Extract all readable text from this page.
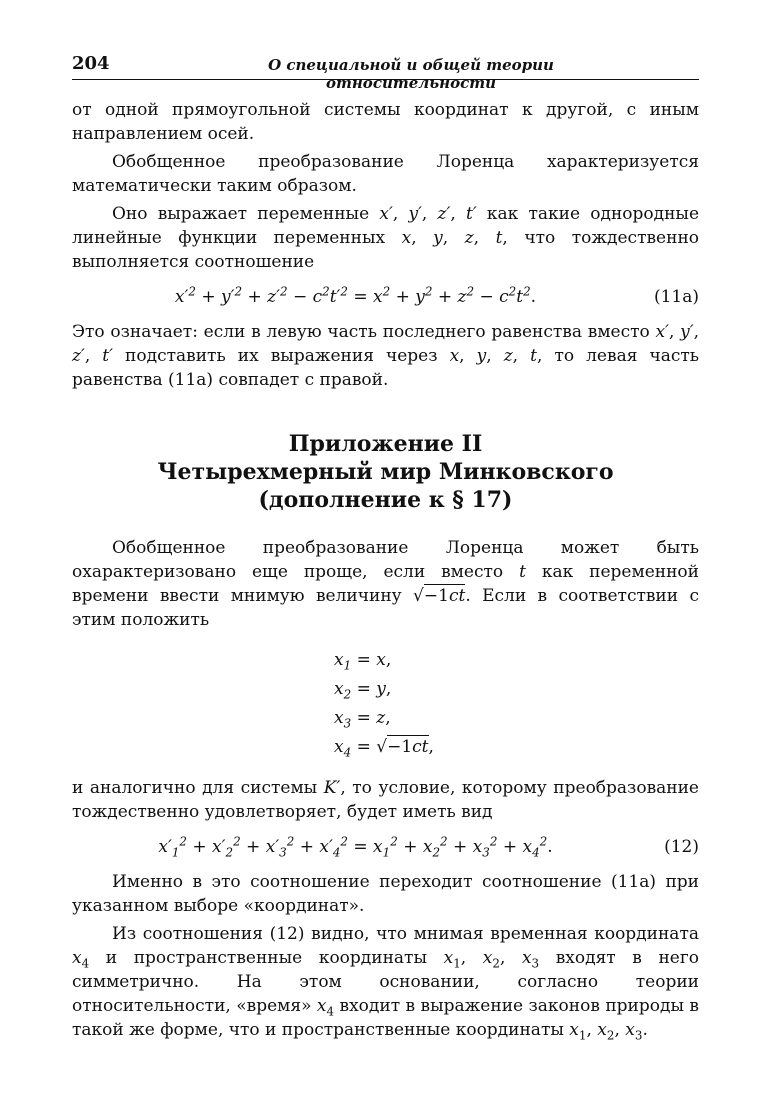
204	О специальной и общей теории относительности

от одной прямоугольной системы координат к другой, с иным направлением осей.

Обобщенное преобразование Лоренца характеризуется математически таким образом.

Оно выражает переменные x′, y′, z′, t′ как такие однородные линейные функции переменных x, y, z, t, что тождественно выполняется соотношение

$x'^2 + y'^2 + z'^2 - c^2t'^2 = x^2 + y^2 + z^2 - c^2t^2$.	(11a)

Это означает: если в левую часть последнего равенства вместо x′, y′, z′, t′ подставить их выражения через x, y, z, t, то левая часть равенства (11a) совпадет с правой.

Приложение II
Четырехмерный мир Минковского
(дополнение к § 17)

Обобщенное преобразование Лоренца может быть охарактеризовано еще проще, если вместо t как переменной времени ввести мнимую величину √−1ct. Если в соответствии с этим положить

$x_1 = x$,
$x_2 = y$,
$x_3 = z$,
$x_4 = √-1ct$,

и аналогично для системы K′, то условие, которому преобразование тождественно удовлетворяет, будет иметь вид

$x'_1^2 + x'_2^2 + x'_3^2 + x'_4^2 = x_1^2 + x_2^2 + x_3^2 + x_4^2$.	(12)

Именно в это соотношение переходит соотношение (11a) при указанном выборе «координат».

Из соотношения (12) видно, что мнимая временная координата $x_4$ и пространственные координаты $x_1$, $x_2$, $x_3$ входят в него симметрично. На этом основании, согласно теории относительности, «время» $x_4$ входит в выражение законов природы в такой же форме, что и пространственные координаты $x_1$, $x_2$, $x_3$.
